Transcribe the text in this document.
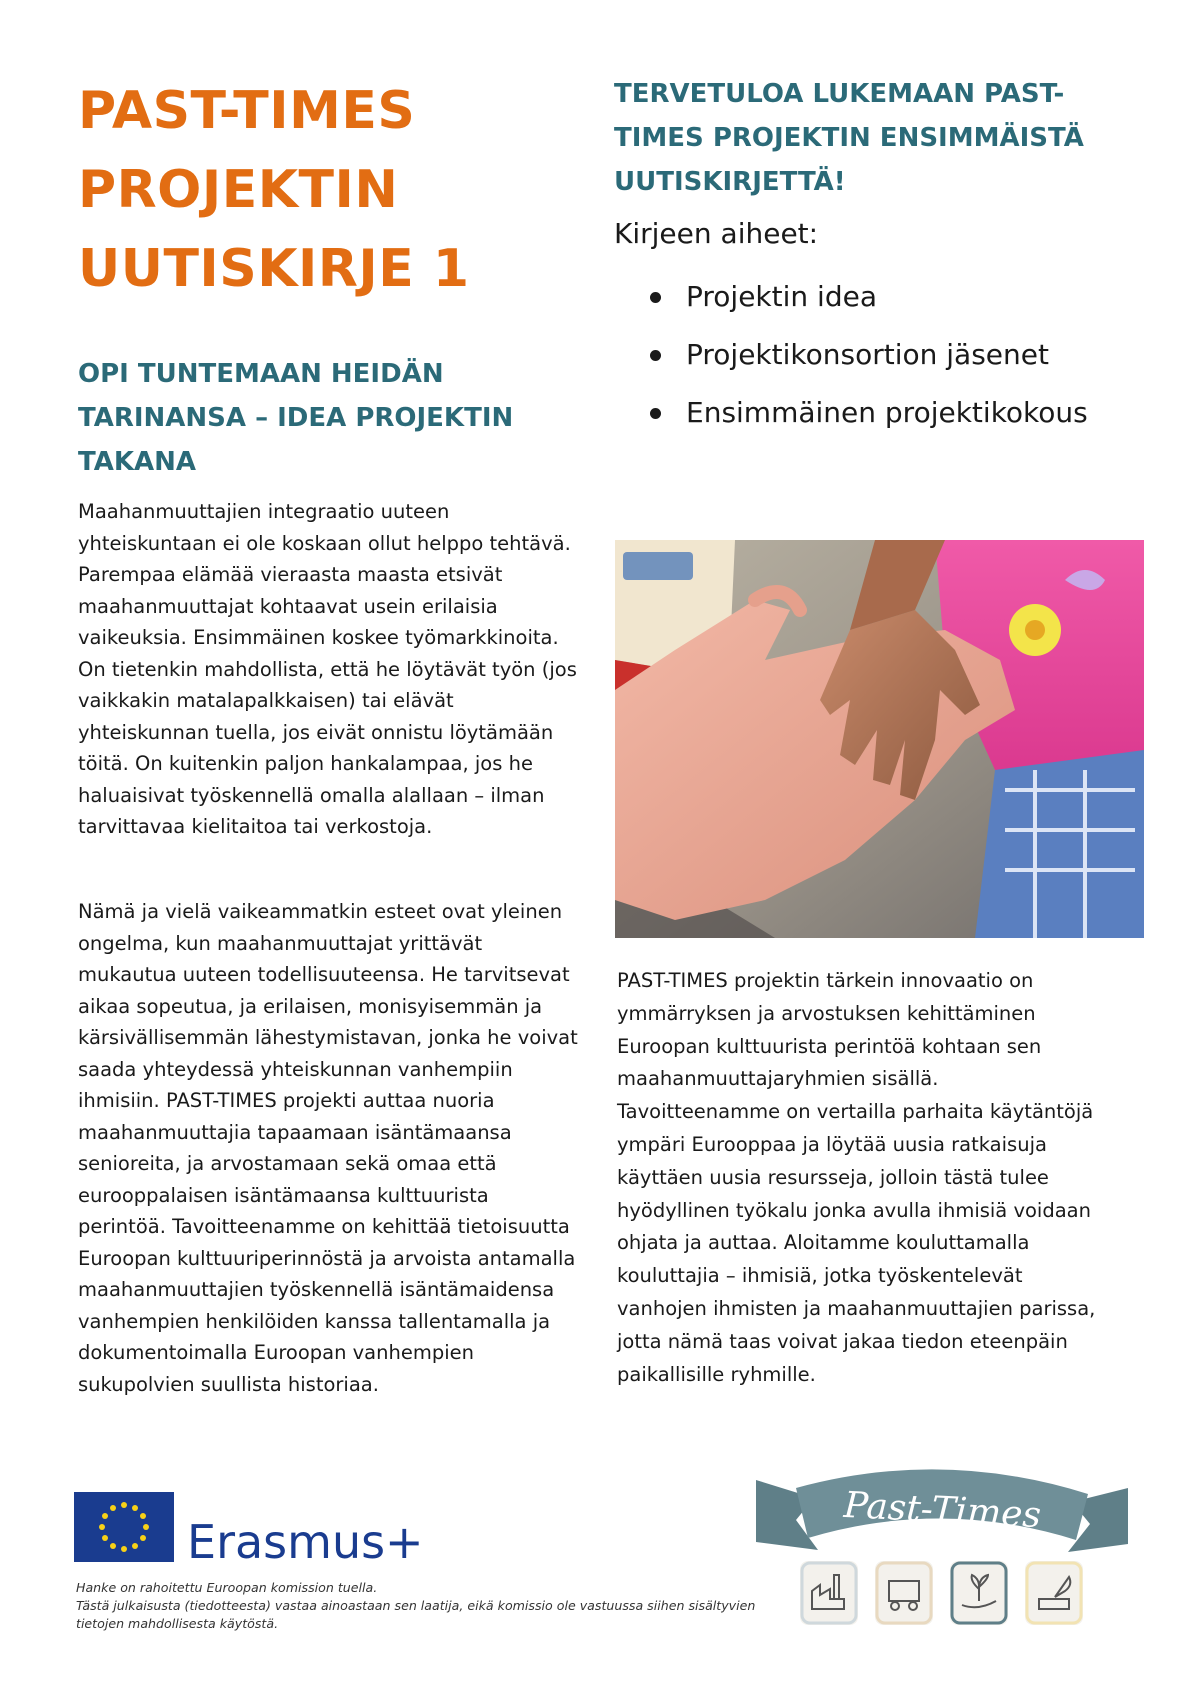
PAST-TIMES PROJEKTIN UUTISKIRJE 1
TERVETULOA LUKEMAAN PAST-TIMES PROJEKTIN ENSIMMÄISTÄ UUTISKIRJETTÄ!

Kirjeen aiheet:

Projektin idea
Projektikonsortion jäsenet
Ensimmäinen projektikokous
OPI TUNTEMAAN HEIDÄN TARINANSA – IDEA PROJEKTIN TAKANA

Maahanmuuttajien integraatio uuteen yhteiskuntaan ei ole koskaan ollut helppo tehtävä. Parempaa elämää vieraasta maasta etsivät maahanmuuttajat kohtaavat usein erilaisia vaikeuksia. Ensimmäinen koskee työmarkkinoita. On tietenkin mahdollista, että he löytävät työn (jos vaikkakin matalapalkkaisen) tai elävät yhteiskunnan tuella, jos eivät onnistu löytämään töitä. On kuitenkin paljon hankalampaa, jos he haluaisivat työskennellä omalla alallaan – ilman tarvittavaa kielitaitoa tai verkostoja.

Nämä ja vielä vaikeammatkin esteet ovat yleinen ongelma, kun maahanmuuttajat yrittävät mukautua uuteen todellisuuteensa. He tarvitsevat aikaa sopeutua, ja erilaisen, monisyisemmän ja kärsivällisemmän lähestymistavan, jonka he voivat saada yhteydessä yhteiskunnan vanhempiin ihmisiin. PAST-TIMES projekti auttaa nuoria maahanmuuttajia tapaamaan isäntämaansa senioreita, ja arvostamaan sekä omaa että eurooppalaisen isäntämaansa kulttuurista perintöä. Tavoitteenamme on kehittää tietoisuutta Euroopan kulttuuriperinnöstä ja arvoista antamalla maahanmuuttajien työskennellä isäntämaidensa vanhempien henkilöiden kanssa tallentamalla ja dokumentoimalla Euroopan vanhempien sukupolvien suullista historiaa.

PAST-TIMES projektin tärkein innovaatio on ymmärryksen ja arvostuksen kehittäminen Euroopan kulttuurista perintöä kohtaan sen maahanmuuttajaryhmien sisällä. Tavoitteenamme on vertailla parhaita käytäntöjä ympäri Eurooppaa ja löytää uusia ratkaisuja käyttäen uusia resursseja, jolloin tästä tulee hyödyllinen työkalu jonka avulla ihmisiä voidaan ohjata ja auttaa. Aloitamme kouluttamalla kouluttajia – ihmisiä, jotka työskentelevät vanhojen ihmisten ja maahanmuuttajien parissa, jotta nämä taas voivat jakaa tiedon eteenpäin paikallisille ryhmille.

Erasmus+

Hanke on rahoitettu Euroopan komission tuella.
Tästä julkaisusta (tiedotteesta) vastaa ainoastaan sen laatija, eikä komissio ole vastuussa siihen sisältyvien tietojen mahdollisesta käytöstä.

Past-Times
